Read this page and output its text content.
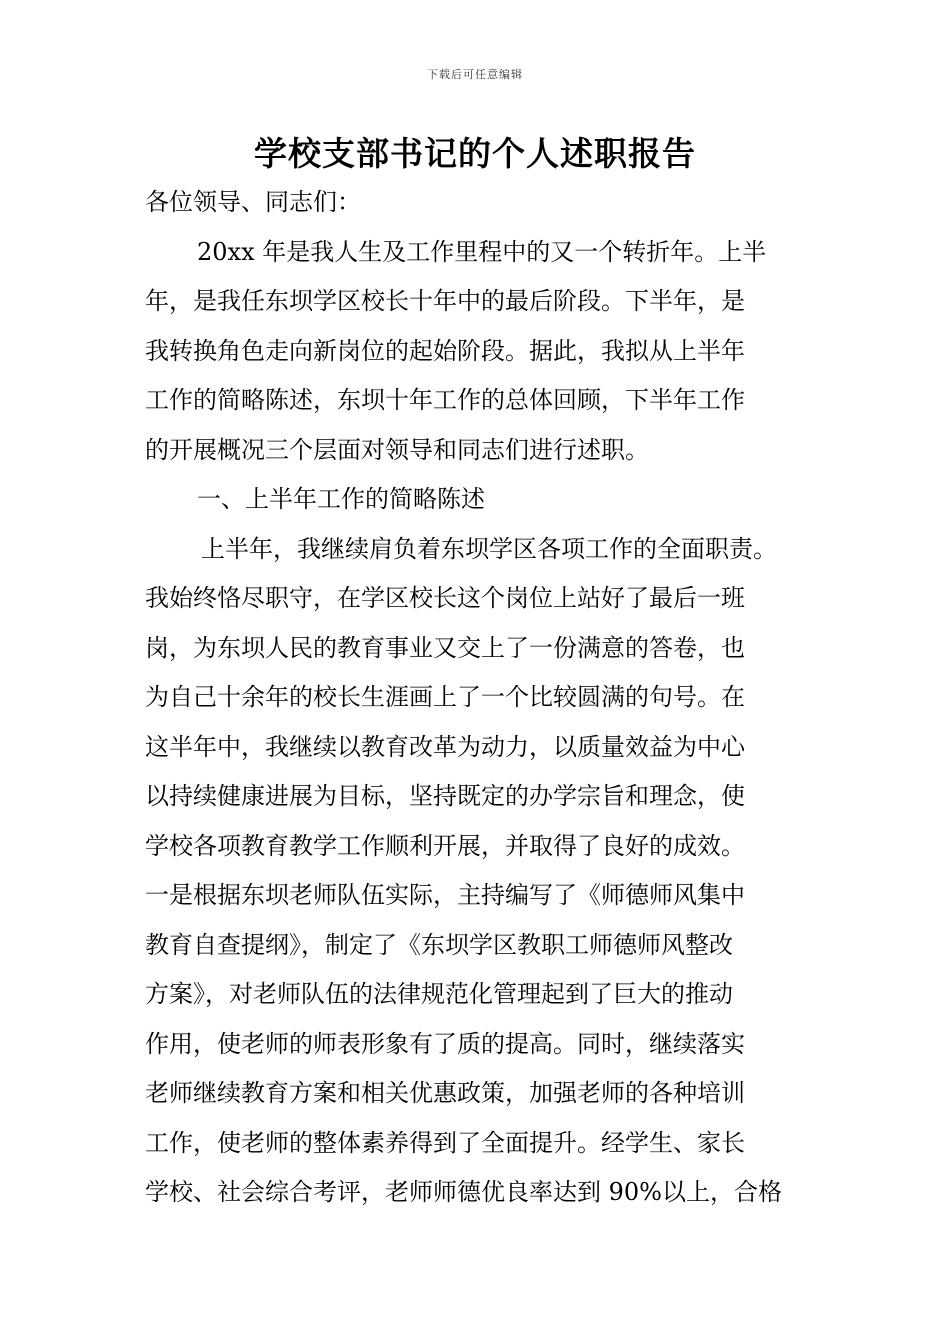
下载后可任意编辑
学校支部书记的个人述职报告
各位领导、同志们：
20xx 年是我人生及工作里程中的又一个转折年。上半
年，是我任东坝学区校长十年中的最后阶段。下半年，是
我转换角色走向新岗位的起始阶段。据此，我拟从上半年
工作的简略陈述，东坝十年工作的总体回顾，下半年工作
的开展概况三个层面对领导和同志们进行述职。
一、上半年工作的简略陈述
上半年，我继续肩负着东坝学区各项工作的全面职责。
我始终恪尽职守，在学区校长这个岗位上站好了最后一班
岗，为东坝人民的教育事业又交上了一份满意的答卷，也
为自己十余年的校长生涯画上了一个比较圆满的句号。在
这半年中，我继续以教育改革为动力，以质量效益为中心
以持续健康进展为目标，坚持既定的办学宗旨和理念，使
学校各项教育教学工作顺利开展，并取得了良好的成效。
一是根据东坝老师队伍实际，主持编写了《师德师风集中
教育自查提纲》，制定了《东坝学区教职工师德师风整改
方案》，对老师队伍的法律规范化管理起到了巨大的推动
作用，使老师的师表形象有了质的提高。同时，继续落实
老师继续教育方案和相关优惠政策，加强老师的各种培训
工作，使老师的整体素养得到了全面提升。经学生、家长
学校、社会综合考评，老师师德优良率达到 90%以上，合格
